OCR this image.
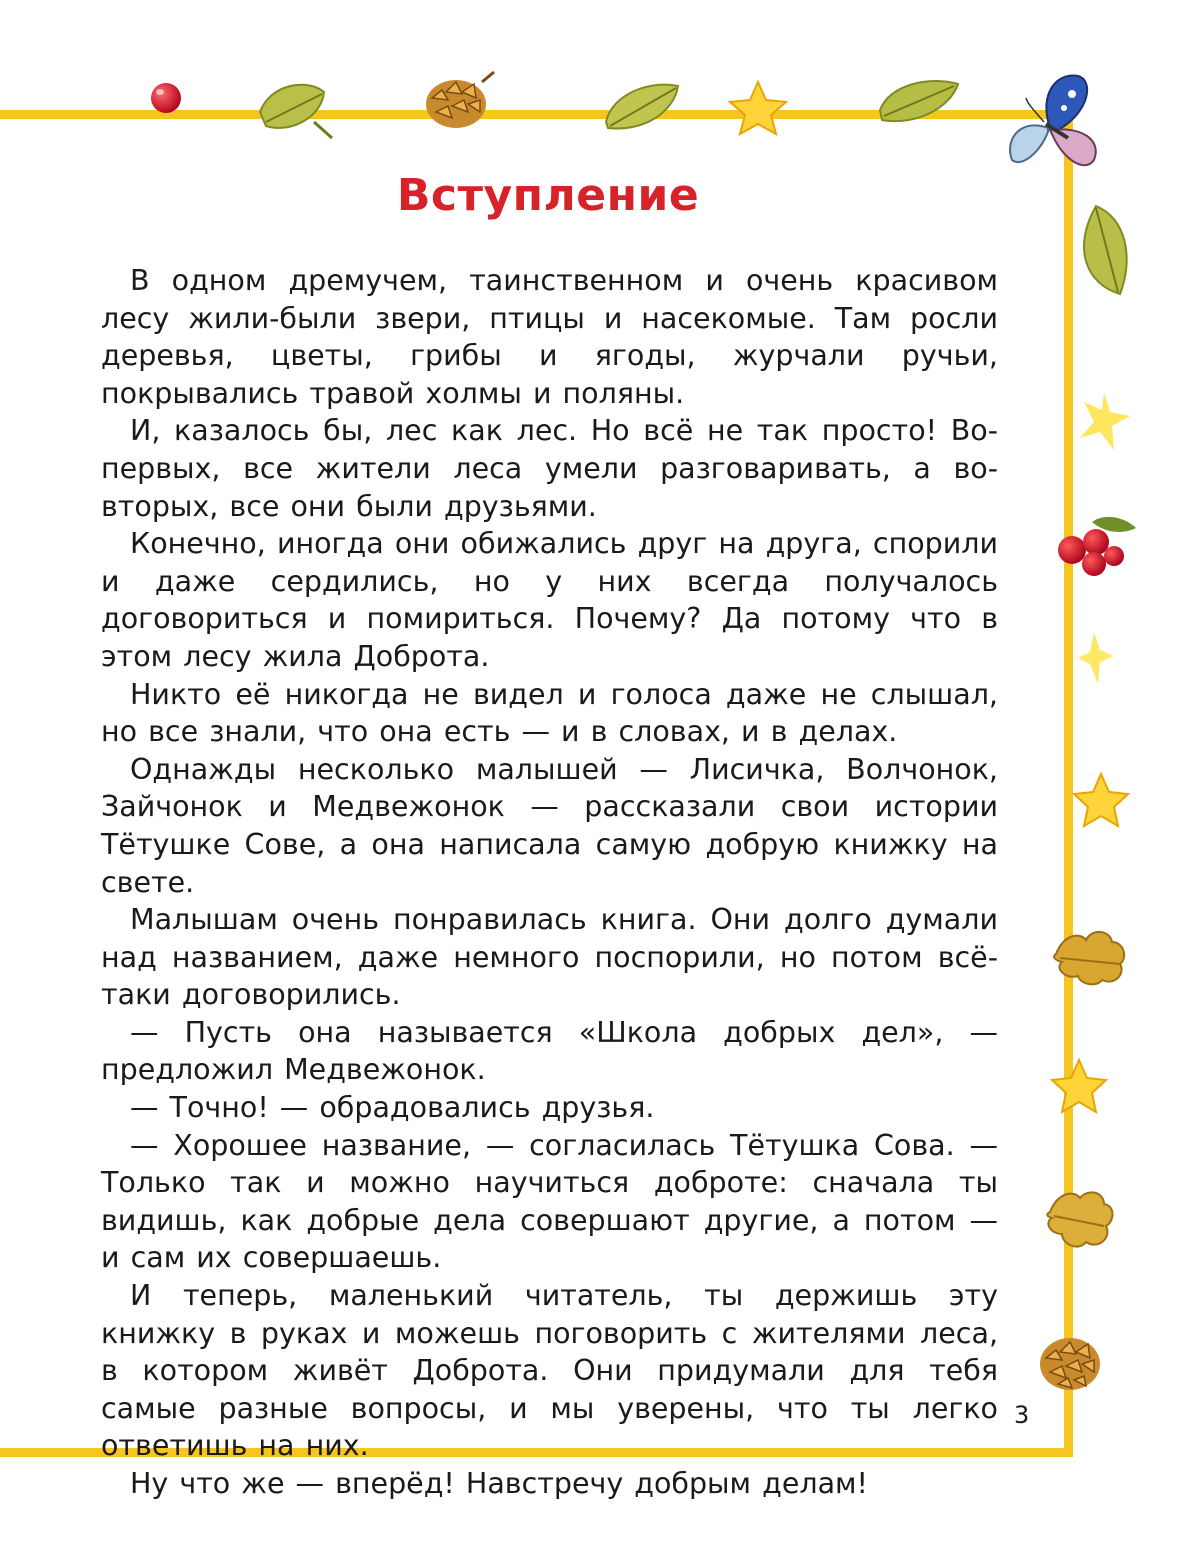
Вступление

В одном дремучем, таинственном и очень красивом лесу жили-были звери, птицы и насекомые. Там росли деревья, цветы, грибы и ягоды, журчали ручьи, покрывались травой холмы и поляны.

И, казалось бы, лес как лес. Но всё не так просто! Во-первых, все жители леса умели разговаривать, а во-вторых, все они были друзьями.

Конечно, иногда они обижались друг на друга, спорили и даже сердились, но у них всегда получалось договориться и помириться. Почему? Да потому что в этом лесу жила Доброта.

Никто её никогда не видел и голоса даже не слышал, но все знали, что она есть — и в словах, и в делах.

Однажды несколько малышей — Лисичка, Волчонок, Зайчонок и Медвежонок — рассказали свои истории Тётушке Сове, а она написала самую добрую книжку на свете.

Малышам очень понравилась книга. Они долго думали над названием, даже немного поспорили, но потом всё-таки договорились.

— Пусть она называется «Школа добрых дел», — предложил Медвежонок.

— Точно! — обрадовались друзья.

— Хорошее название, — согласилась Тётушка Сова. — Только так и можно научиться доброте: сначала ты видишь, как добрые дела совершают другие, а потом — и сам их совершаешь.

И теперь, маленький читатель, ты держишь эту книжку в руках и можешь поговорить с жителями леса, в котором живёт Доброта. Они придумали для тебя самые разные вопросы, и мы уверены, что ты легко ответишь на них.

Ну что же — вперёд! Навстречу добрым делам!

3
